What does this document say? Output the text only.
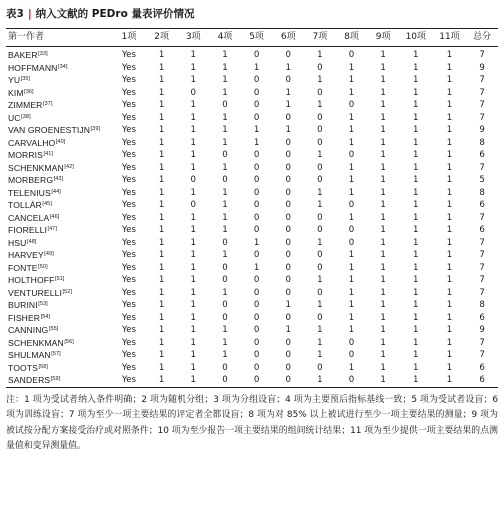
表3 | 纳入文献的 PEDro 量表评价情况
第一作者	1项	2项	3项	4项	5项	6项	7项	8项	9项	10项	11项	总分
BAKER[33]	Yes	1	1	1	0	0	1	0	1	1	1	7
HOFFMANN[34]	Yes	1	1	1	1	1	0	1	1	1	1	9
YU[35]	Yes	1	1	1	0	0	1	1	1	1	1	7
KIM[36]	Yes	1	0	1	0	1	0	1	1	1	1	7
ZIMMER[37]	Yes	1	1	0	0	1	1	0	1	1	1	7
UC[38]	Yes	1	1	1	0	0	0	1	1	1	1	7
VAN GROENESTIJN[39]	Yes	1	1	1	1	1	0	1	1	1	1	9
CARVALHO[40]	Yes	1	1	1	1	0	0	1	1	1	1	8
MORRIS[41]	Yes	1	1	0	0	0	1	0	1	1	1	6
SCHENKMAN[42]	Yes	1	1	1	0	0	0	1	1	1	1	7
MORBERG[43]	Yes	1	0	0	0	0	0	1	1	1	1	5
TELENIUS[44]	Yes	1	1	1	0	0	1	1	1	1	1	8
TOLLÁR[45]	Yes	1	0	1	0	0	1	0	1	1	1	6
CANCELA[46]	Yes	1	1	1	0	0	0	1	1	1	1	7
FIORELLI[47]	Yes	1	1	1	0	0	0	0	1	1	1	6
HSU[48]	Yes	1	1	0	1	0	1	0	1	1	1	7
HARVEY[49]	Yes	1	1	1	0	0	0	1	1	1	1	7
FONTE[50]	Yes	1	1	0	1	0	0	1	1	1	1	7
HOLTHOFF[51]	Yes	1	1	0	0	0	1	1	1	1	1	7
VENTURELLI[52]	Yes	1	1	1	0	0	0	1	1	1	1	7
BURINI[53]	Yes	1	1	0	0	1	1	1	1	1	1	8
FISHER[54]	Yes	1	1	0	0	0	0	1	1	1	1	6
CANNING[55]	Yes	1	1	1	0	1	1	1	1	1	1	9
SCHENKMAN[56]	Yes	1	1	1	0	0	1	0	1	1	1	7
SHULMAN[57]	Yes	1	1	1	0	0	1	0	1	1	1	7
TOOTS[58]	Yes	1	1	0	0	0	0	1	1	1	1	6
SANDERS[59]	Yes	1	1	0	0	0	1	0	1	1	1	6
注：1 项为受试者纳入条件明确；2 项为随机分组；3 项为分组设盲；4 项为主要预后指标基线一致；5 项为受试者设盲；6 项为训练设盲；7 项为至少一项主要结果的评定者全都设盲；8 项为对 85% 以上被试进行至少一项主要结果的测量；9 项为被试按分配方案接受治疗或对照条件；10 项为至少报告一项主要结果的组间统计结果；11 项为至少提供一项主要结果的点测量值和变异测量值。
